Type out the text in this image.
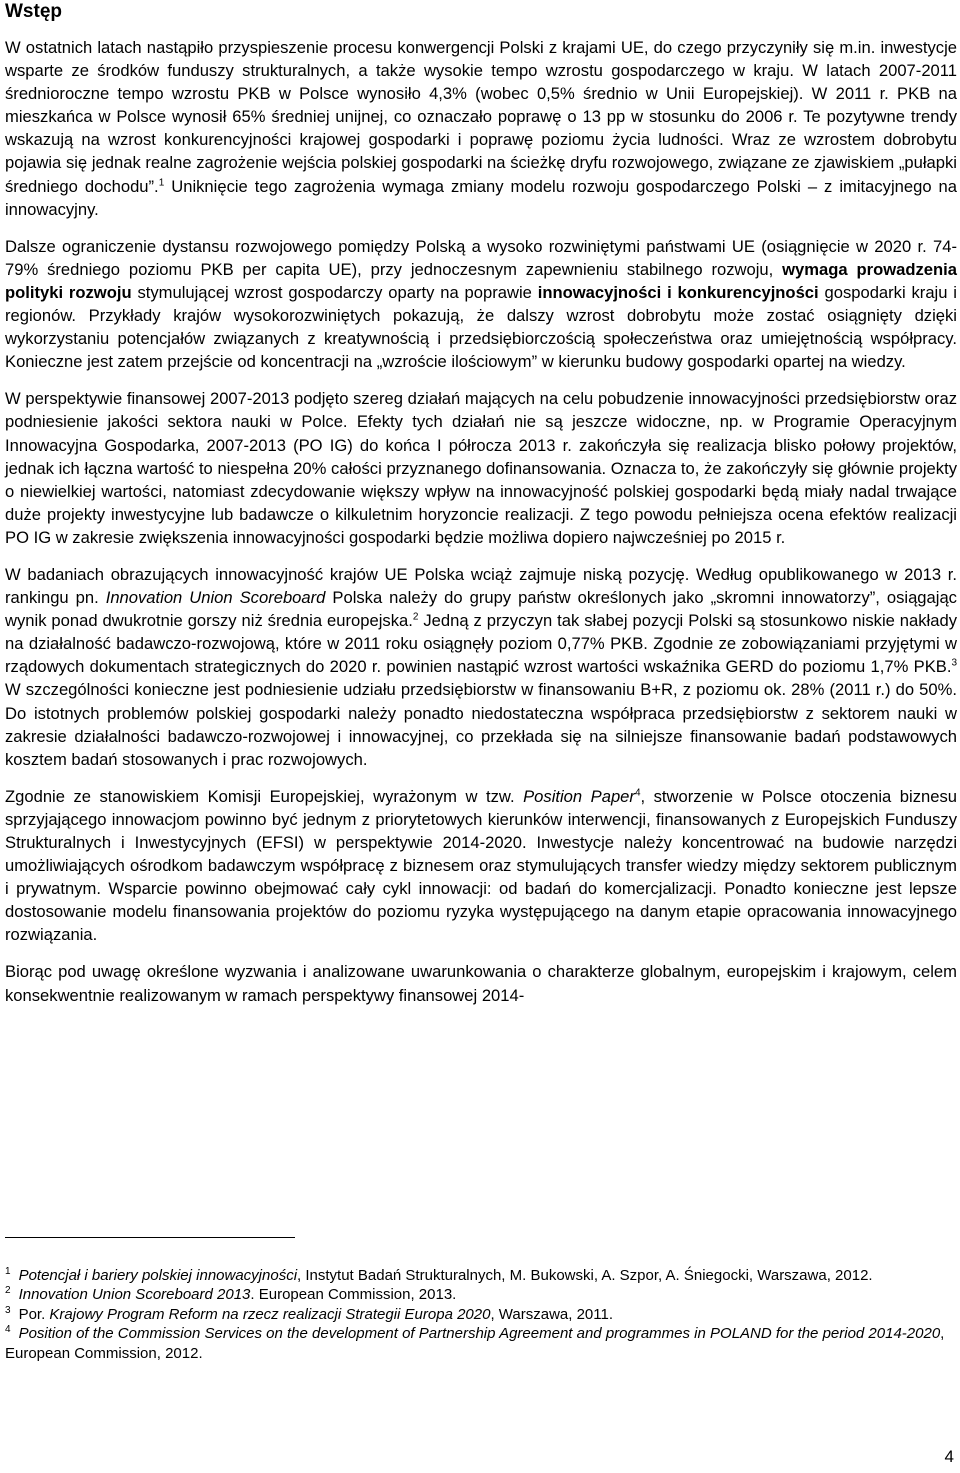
Wstęp

W ostatnich latach nastąpiło przyspieszenie procesu konwergencji Polski z krajami UE, do czego przyczyniły się m.in. inwestycje wsparte ze środków funduszy strukturalnych, a także wysokie tempo wzrostu gospodarczego w kraju. W latach 2007-2011 średnioroczne tempo wzrostu PKB w Polsce wynosiło 4,3% (wobec 0,5% średnio w Unii Europejskiej). W 2011 r. PKB na mieszkańca w Polsce wynosił 65% średniej unijnej, co oznaczało poprawę o 13 pp w stosunku do 2006 r. Te pozytywne trendy wskazują na wzrost konkurencyjności krajowej gospodarki i poprawę poziomu życia ludności. Wraz ze wzrostem dobrobytu pojawia się jednak realne zagrożenie wejścia polskiej gospodarki na ścieżkę dryfu rozwojowego, związane ze zjawiskiem „pułapki średniego dochodu”.$^1$ Uniknięcie tego zagrożenia wymaga zmiany modelu rozwoju gospodarczego Polski – z imitacyjnego na innowacyjny.

Dalsze ograniczenie dystansu rozwojowego pomiędzy Polską a wysoko rozwiniętymi państwami UE (osiągnięcie w 2020 r. 74-79% średniego poziomu PKB per capita UE), przy jednoczesnym zapewnieniu stabilnego rozwoju, wymaga prowadzenia polityki rozwoju stymulującej wzrost gospodarczy oparty na poprawie innowacyjności i konkurencyjności gospodarki kraju i regionów. Przykłady krajów wysokorozwiniętych pokazują, że dalszy wzrost dobrobytu może zostać osiągnięty dzięki wykorzystaniu potencjałów związanych z kreatywnością i przedsiębiorczością społeczeństwa oraz umiejętnością współpracy. Konieczne jest zatem przejście od koncentracji na „wzroście ilościowym” w kierunku budowy gospodarki opartej na wiedzy.

W perspektywie finansowej 2007-2013 podjęto szereg działań mających na celu pobudzenie innowacyjności przedsiębiorstw oraz podniesienie jakości sektora nauki w Polce. Efekty tych działań nie są jeszcze widoczne, np. w Programie Operacyjnym Innowacyjna Gospodarka, 2007-2013 (PO IG) do końca I półrocza 2013 r. zakończyła się realizacja blisko połowy projektów, jednak ich łączna wartość to niespełna 20% całości przyznanego dofinansowania. Oznacza to, że zakończyły się głównie projekty o niewielkiej wartości, natomiast zdecydowanie większy wpływ na innowacyjność polskiej gospodarki będą miały nadal trwające duże projekty inwestycyjne lub badawcze o kilkuletnim horyzoncie realizacji. Z tego powodu pełniejsza ocena efektów realizacji PO IG w zakresie zwiększenia innowacyjności gospodarki będzie możliwa dopiero najwcześniej po 2015 r.

W badaniach obrazujących innowacyjność krajów UE Polska wciąż zajmuje niską pozycję. Według opublikowanego w 2013 r. rankingu pn. Innovation Union Scoreboard Polska należy do grupy państw określonych jako „skromni innowatorzy”, osiągając wynik ponad dwukrotnie gorszy niż średnia europejska.$^2$ Jedną z przyczyn tak słabej pozycji Polski są stosunkowo niskie nakłady na działalność badawczo-rozwojową, które w 2011 roku osiągnęły poziom 0,77% PKB. Zgodnie ze zobowiązaniami przyjętymi w rządowych dokumentach strategicznych do 2020 r. powinien nastąpić wzrost wartości wskaźnika GERD do poziomu 1,7% PKB.$^3$ W szczególności konieczne jest podniesienie udziału przedsiębiorstw w finansowaniu B+R, z poziomu ok. 28% (2011 r.) do 50%. Do istotnych problemów polskiej gospodarki należy ponadto niedostateczna współpraca przedsiębiorstw z sektorem nauki w zakresie działalności badawczo-rozwojowej i innowacyjnej, co przekłada się na silniejsze finansowanie badań podstawowych kosztem badań stosowanych i prac rozwojowych.

Zgodnie ze stanowiskiem Komisji Europejskiej, wyrażonym w tzw. Position Paper$^4$, stworzenie w Polsce otoczenia biznesu sprzyjającego innowacjom powinno być jednym z priorytetowych kierunków interwencji, finansowanych z Europejskich Funduszy Strukturalnych i Inwestycyjnych (EFSI) w perspektywie 2014-2020. Inwestycje należy koncentrować na budowie narzędzi umożliwiających ośrodkom badawczym współpracę z biznesem oraz stymulujących transfer wiedzy między sektorem publicznym i prywatnym. Wsparcie powinno obejmować cały cykl innowacji: od badań do komercjalizacji. Ponadto konieczne jest lepsze dostosowanie modelu finansowania projektów do poziomu ryzyka występującego na danym etapie opracowania innowacyjnego rozwiązania.

Biorąc pod uwagę określone wyzwania i analizowane uwarunkowania o charakterze globalnym, europejskim i krajowym, celem konsekwentnie realizowanym w ramach perspektywy finansowej 2014-

$^1$ Potencjał i bariery polskiej innowacyjności, Instytut Badań Strukturalnych, M. Bukowski, A. Szpor, A. Śniegocki, Warszawa, 2012.

$^2$ Innovation Union Scoreboard 2013. European Commission, 2013.

$^3$ Por. Krajowy Program Reform na rzecz realizacji Strategii Europa 2020, Warszawa, 2011.

$^4$ Position of the Commission Services on the development of Partnership Agreement and programmes in POLAND for the period 2014-2020, European Commission, 2012.

4
